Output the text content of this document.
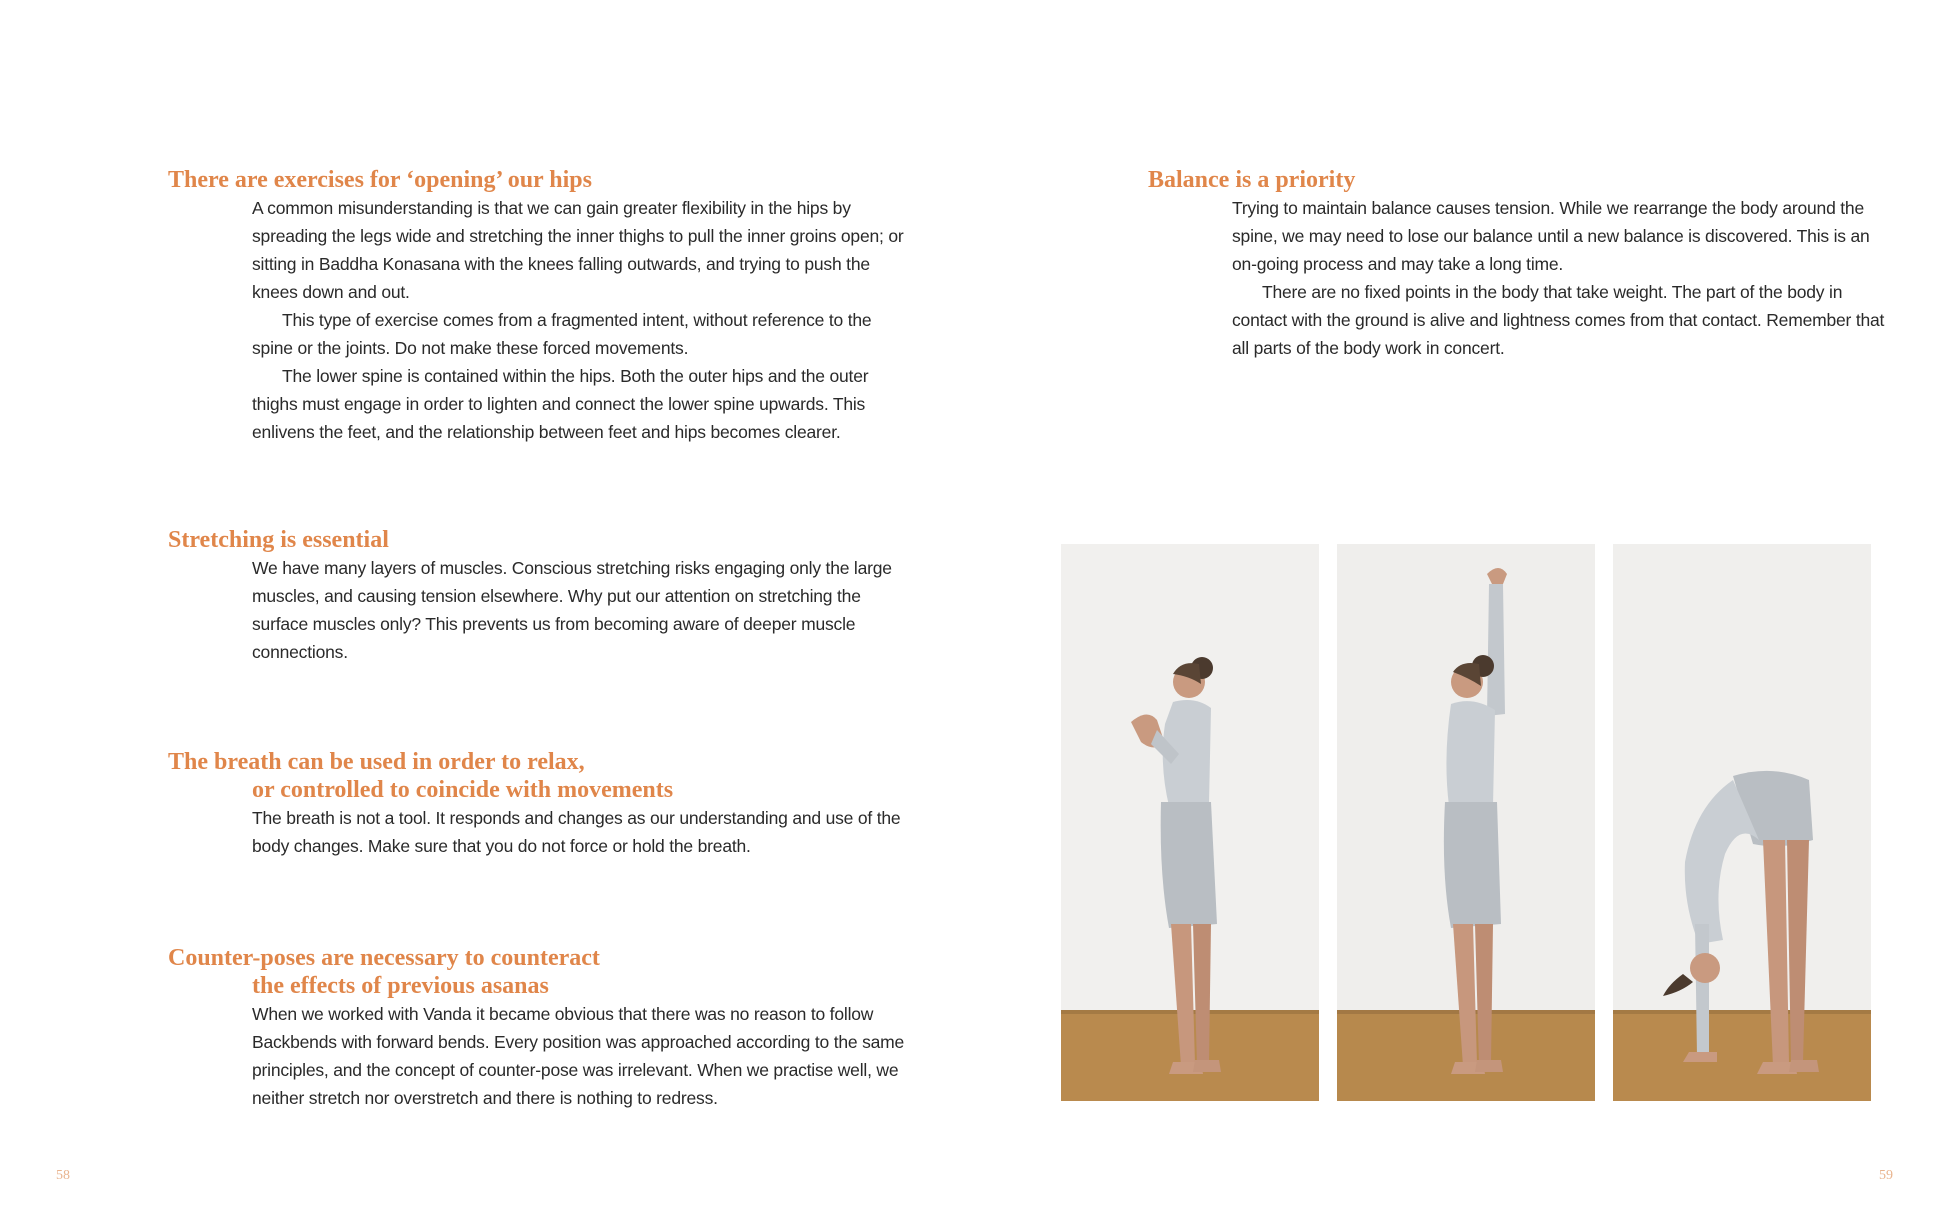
There are exercises for ‘opening’ our hips

A common misunderstanding is that we can gain greater flexibility in the hips by spreading the legs wide and stretching the inner thighs to pull the inner groins open; or sitting in Baddha Konasana with the knees falling outwards, and trying to push the knees down and out.

This type of exercise comes from a fragmented intent, without reference to the spine or the joints. Do not make these forced movements.

The lower spine is contained within the hips. Both the outer hips and the outer thighs must engage in order to lighten and connect the lower spine upwards. This enlivens the feet, and the relationship between feet and hips becomes clearer.

Stretching is essential

We have many layers of muscles. Conscious stretching risks engaging only the large muscles, and causing tension elsewhere. Why put our attention on stretching the surface muscles only? This prevents us from becoming aware of deeper muscle connections.

The breath can be used in order to relax,
or controlled to coincide with movements

The breath is not a tool. It responds and changes as our understanding and use of the body changes. Make sure that you do not force or hold the breath.

Counter-poses are necessary to counteract
the effects of previous asanas

When we worked with Vanda it became obvious that there was no reason to follow Backbends with forward bends. Every position was approached according to the same principles, and the concept of counter-pose was irrelevant. When we practise well, we neither stretch nor overstretch and there is nothing to redress.

58
Balance is a priority

Trying to maintain balance causes tension. While we rearrange the body around the spine, we may need to lose our balance until a new balance is discovered. This is an on-going process and may take a long time.

There are no fixed points in the body that take weight. The part of the body in contact with the ground is alive and lightness comes from that contact. Remember that all parts of the body work in concert.

59
